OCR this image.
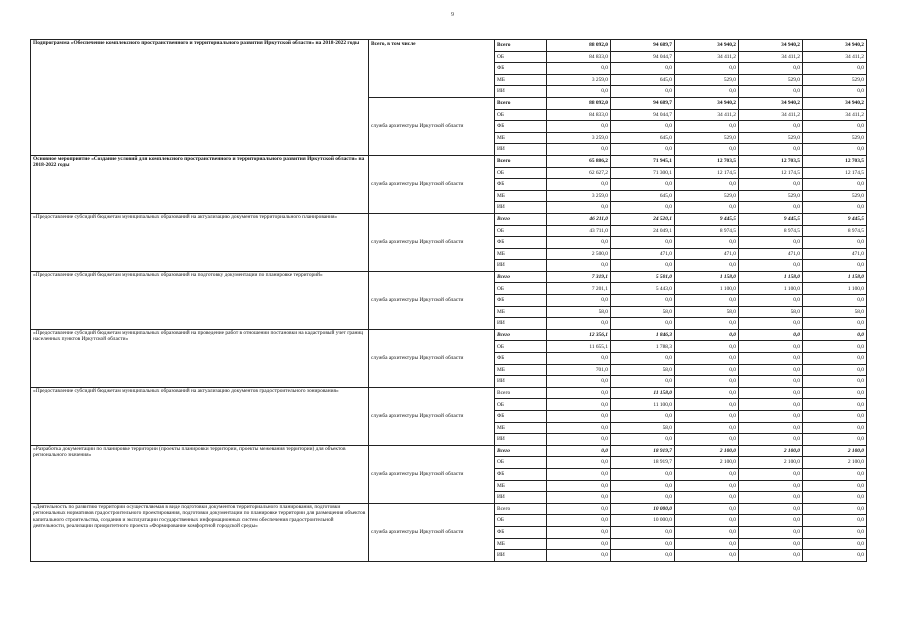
9
Подпрограмма «Обеспечение комплексного пространственного и территориального развития Иркутской области» на 2018-2022 годы	Всего, в том числе	Всего	88 092,0	94 689,7	34 940,2	34 940,2	34 940,2
		ОБ	84 833,0	94 044,7	34 411,2	34 411,2	34 411,2
		ФБ	0,0	0,0	0,0	0,0	0,0
		МБ	3 259,0	645,0	529,0	529,0	529,0
		ИИ	0,0	0,0	0,0	0,0	0,0
	служба архитектуры Иркутской области	Всего	88 092,0	94 689,7	34 940,2	34 940,2	34 940,2
		ОБ	84 833,0	94 044,7	34 411,2	34 411,2	34 411,2
		ФБ	0,0	0,0	0,0	0,0	0,0
		МБ	3 259,0	645,0	529,0	529,0	529,0
		ИИ	0,0	0,0	0,0	0,0	0,0
Основное мероприятие «Создание условий для комплексного пространственного и территориального развития Иркутской области» на 2018-2022 годы	служба архитектуры Иркутской области	Всего	65 886,2	71 945,1	12 703,5	12 703,5	12 703,5
		ОБ	62 627,2	71 300,1	12 174,5	12 174,5	12 174,5
		ФБ	0,0	0,0	0,0	0,0	0,0
		МБ	3 259,0	645,0	529,0	529,0	529,0
		ИИ	0,0	0,0	0,0	0,0	0,0
«Предоставление субсидий бюджетам муниципальных образований на актуализацию документов территориального планирования»	служба архитектуры Иркутской области	Всего	46 211,0	24 520,1	9 445,5	9 445,5	9 445,5
		ОБ	43 711,0	24 049,1	8 974,5	8 974,5	8 974,5
		ФБ	0,0	0,0	0,0	0,0	0,0
		МБ	2 500,0	471,0	471,0	471,0	471,0
		ИИ	0,0	0,0	0,0	0,0	0,0
«Предоставление субсидий бюджетам муниципальных образований на подготовку документации по планировке территорий»	служба архитектуры Иркутской области	Всего	7 319,1	5 501,0	1 158,0	1 158,0	1 158,0
		ОБ	7 201,1	5 443,0	1 100,0	1 100,0	1 100,0
		ФБ	0,0	0,0	0,0	0,0	0,0
		МБ	58,0	58,0	58,0	58,0	58,0
		ИИ	0,0	0,0	0,0	0,0	0,0
«Предоставление субсидий бюджетам муниципальных образований на проведение работ в отношении постановки на кадастровый учет границ населенных пунктов Иркутской области»	служба архитектуры Иркутской области	Всего	12 356,1	1 846,3	0,0	0,0	0,0
		ОБ	11 655,1	1 788,3	0,0	0,0	0,0
		ФБ	0,0	0,0	0,0	0,0	0,0
		МБ	701,0	58,0	0,0	0,0	0,0
		ИИ	0,0	0,0	0,0	0,0	0,0
«Предоставление субсидий бюджетам муниципальных образований на актуализацию документов градостроительного зонирования»	служба архитектуры Иркутской области	Всего	0,0	11 158,0	0,0	0,0	0,0
		ОБ	0,0	11 100,0	0,0	0,0	0,0
		ФБ	0,0	0,0	0,0	0,0	0,0
		МБ	0,0	58,0	0,0	0,0	0,0
		ИИ	0,0	0,0	0,0	0,0	0,0
«Разработка документации по планировке территории (проекты планировки территории, проекты межевания территории) для объектов регионального значения»	служба архитектуры Иркутской области	Всего	0,0	18 919,7	2 100,0	2 100,0	2 100,0
		ОБ	0,0	18 919,7	2 100,0	2 100,0	2 100,0
		ФБ	0,0	0,0	0,0	0,0	0,0
		МБ	0,0	0,0	0,0	0,0	0,0
		ИИ	0,0	0,0	0,0	0,0	0,0
«Деятельность по развитию территории осуществляемая в виде подготовки документов территориального планирования, подготовки региональных нормативов градостроительного проектирования, подготовки документации по планировке территории для размещения объектов капитального строительства, создания и эксплуатации государственных информационных систем обеспечения градостроительной деятельности, реализации приоритетного проекта «Формирование комфортной городской среды»	служба архитектуры Иркутской области	Всего	0,0	10 000,0	0,0	0,0	0,0
		ОБ	0,0	10 000,0	0,0	0,0	0,0
		ФБ	0,0	0,0	0,0	0,0	0,0
		МБ	0,0	0,0	0,0	0,0	0,0
		ИИ	0,0	0,0	0,0	0,0	0,0
